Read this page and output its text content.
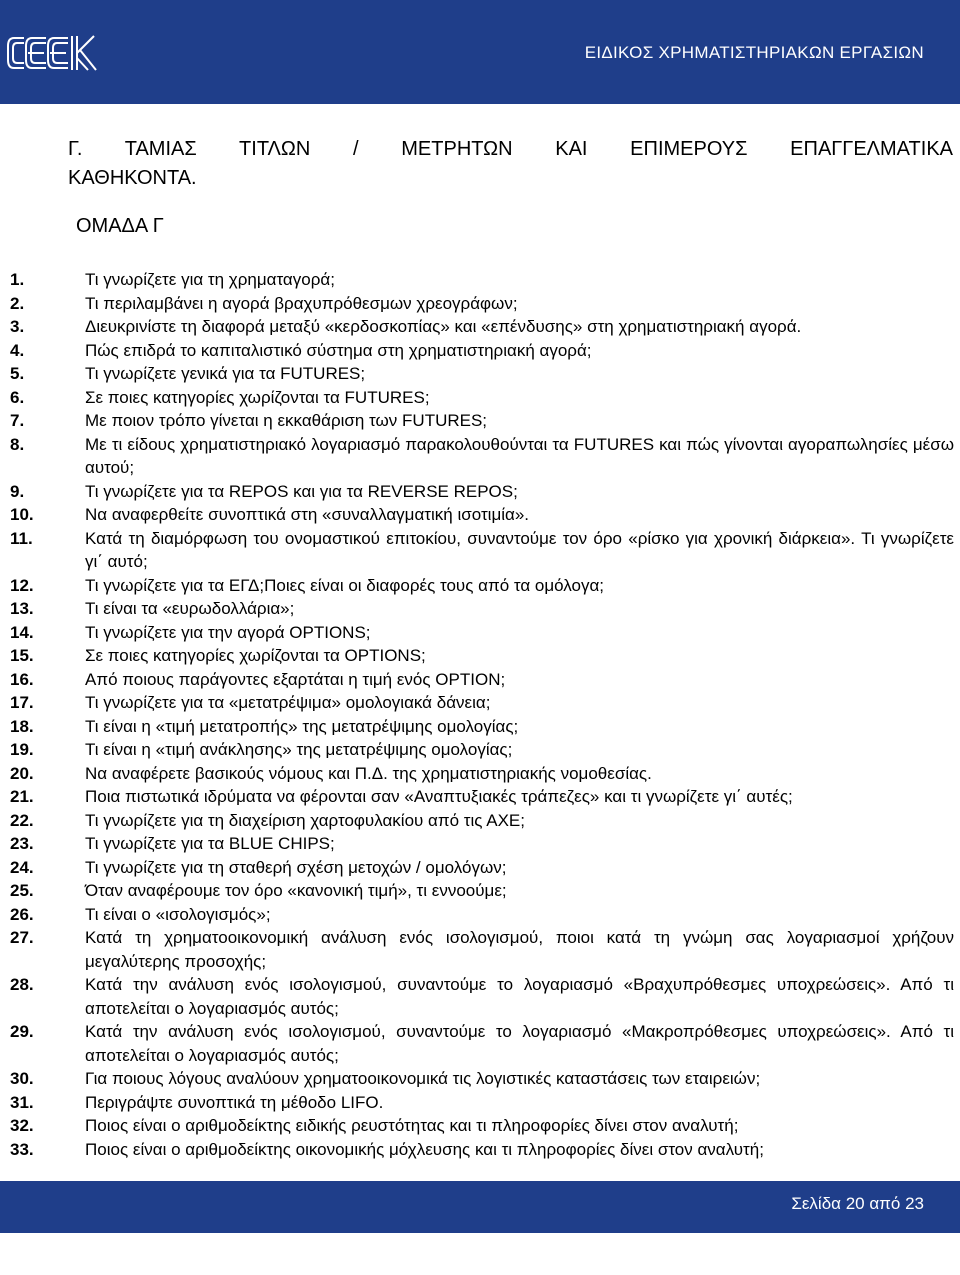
ΕΙΔΙΚΟΣ ΧΡΗΜΑΤΙΣΤΗΡΙΑΚΩΝ ΕΡΓΑΣΙΩΝ
Γ. ΤΑΜΙΑΣ ΤΙΤΛΩΝ / ΜΕΤΡΗΤΩΝ ΚΑΙ ΕΠΙΜΕΡΟΥΣ ΕΠΑΓΓΕΛΜΑΤΙΚΑ
ΚΑΘΗΚΟΝΤΑ.
ΟΜΑΔΑ Γ
1.	Τι γνωρίζετε για τη χρηματαγορά;
2.	Τι περιλαμβάνει η αγορά βραχυπρόθεσμων χρεογράφων;
3.	Διευκρινίστε τη διαφορά μεταξύ «κερδοσκοπίας» και «επένδυσης» στη χρηματιστηριακή αγορά.
4.	Πώς επιδρά το καπιταλιστικό σύστημα στη χρηματιστηριακή αγορά;
5.	Τι γνωρίζετε γενικά για τα FUTURES;
6.	Σε ποιες κατηγορίες χωρίζονται τα FUTURES;
7.	Με ποιον τρόπο γίνεται η εκκαθάριση των FUTURES;
8.	Με τι είδους χρηματιστηριακό λογαριασμό παρακολουθούνται τα FUTURES και πώς γίνονται αγοραπωλησίες μέσω αυτού;
9.	Τι γνωρίζετε για τα REPOS και για τα REVERSE REPOS;
10.	Να αναφερθείτε συνοπτικά στη «συναλλαγματική ισοτιμία».
11.	Κατά τη διαμόρφωση του ονομαστικού επιτοκίου, συναντούμε τον όρο «ρίσκο για χρονική διάρκεια». Τι γνωρίζετε γι΄ αυτό;
12.	Τι γνωρίζετε για τα ΕΓΔ;Ποιες είναι οι διαφορές τους από τα ομόλογα;
13.	Τι είναι τα «ευρωδολλάρια»;
14.	Τι γνωρίζετε για την αγορά OPTIONS;
15.	Σε ποιες κατηγορίες χωρίζονται τα OPTIONS;
16.	Από ποιους παράγοντες εξαρτάται η τιμή ενός OPTION;
17.	Τι γνωρίζετε για τα «μετατρέψιμα» ομολογιακά δάνεια;
18.	Τι είναι η «τιμή μετατροπής» της μετατρέψιμης ομολογίας;
19.	Τι είναι η «τιμή ανάκλησης» της μετατρέψιμης ομολογίας;
20.	Να αναφέρετε βασικούς νόμους και Π.Δ. της χρηματιστηριακής νομοθεσίας.
21.	Ποια πιστωτικά ιδρύματα να φέρονται σαν «Αναπτυξιακές τράπεζες» και τι γνωρίζετε γι΄ αυτές;
22.	Τι γνωρίζετε για τη διαχείριση χαρτοφυλακίου από τις ΑΧΕ;
23.	Τι γνωρίζετε για τα BLUE CHIPS;
24.	Τι γνωρίζετε για τη σταθερή σχέση μετοχών / ομολόγων;
25.	Όταν αναφέρουμε τον όρο «κανονική τιμή», τι εννοούμε;
26.	Τι είναι ο «ισολογισμός»;
27.	Κατά τη χρηματοοικονομική ανάλυση ενός ισολογισμού, ποιοι κατά τη γνώμη σας λογαριασμοί χρήζουν μεγαλύτερης προσοχής;
28.	Κατά την ανάλυση ενός ισολογισμού, συναντούμε το λογαριασμό «Βραχυπρόθεσμες υποχρεώσεις». Από τι αποτελείται ο λογαριασμός αυτός;
29.	Κατά την ανάλυση ενός ισολογισμού, συναντούμε το λογαριασμό «Μακροπρόθεσμες υποχρεώσεις». Από τι αποτελείται ο λογαριασμός αυτός;
30.	Για ποιους λόγους αναλύουν χρηματοοικονομικά τις λογιστικές καταστάσεις των εταιρειών;
31.	Περιγράψτε συνοπτικά τη μέθοδο LIFO.
32.	Ποιος είναι ο αριθμοδείκτης ειδικής ρευστότητας και τι πληροφορίες δίνει στον αναλυτή;
33.	Ποιος είναι ο αριθμοδείκτης οικονομικής μόχλευσης και τι πληροφορίες δίνει στον αναλυτή;
Σελίδα 20 από 23
